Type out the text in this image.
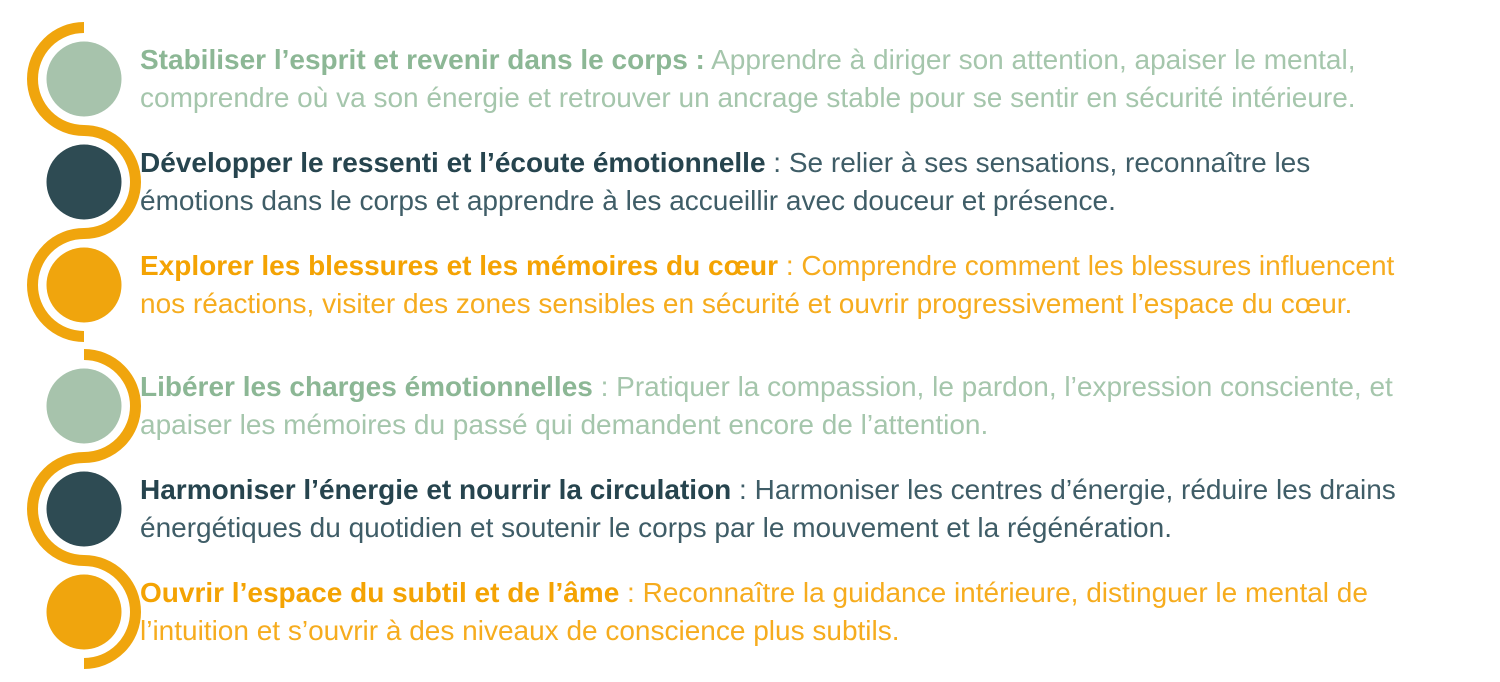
Stabiliser l’esprit et revenir dans le corps : Apprendre à diriger son attention, apaiser le mental,
comprendre où va son énergie et retrouver un ancrage stable pour se sentir en sécurité intérieure.
Développer le ressenti et l’écoute émotionnelle : Se relier à ses sensations, reconnaître les
émotions dans le corps et apprendre à les accueillir avec douceur et présence.
Explorer les blessures et les mémoires du cœur : Comprendre comment les blessures influencent
nos réactions, visiter des zones sensibles en sécurité et ouvrir progressivement l’espace du cœur.
Libérer les charges émotionnelles : Pratiquer la compassion, le pardon, l’expression consciente, et
apaiser les mémoires du passé qui demandent encore de l’attention.
Harmoniser l’énergie et nourrir la circulation : Harmoniser les centres d’énergie, réduire les drains
énergétiques du quotidien et soutenir le corps par le mouvement et la régénération.
Ouvrir l’espace du subtil et de l’âme : Reconnaître la guidance intérieure, distinguer le mental de
l’intuition et s’ouvrir à des niveaux de conscience plus subtils.
